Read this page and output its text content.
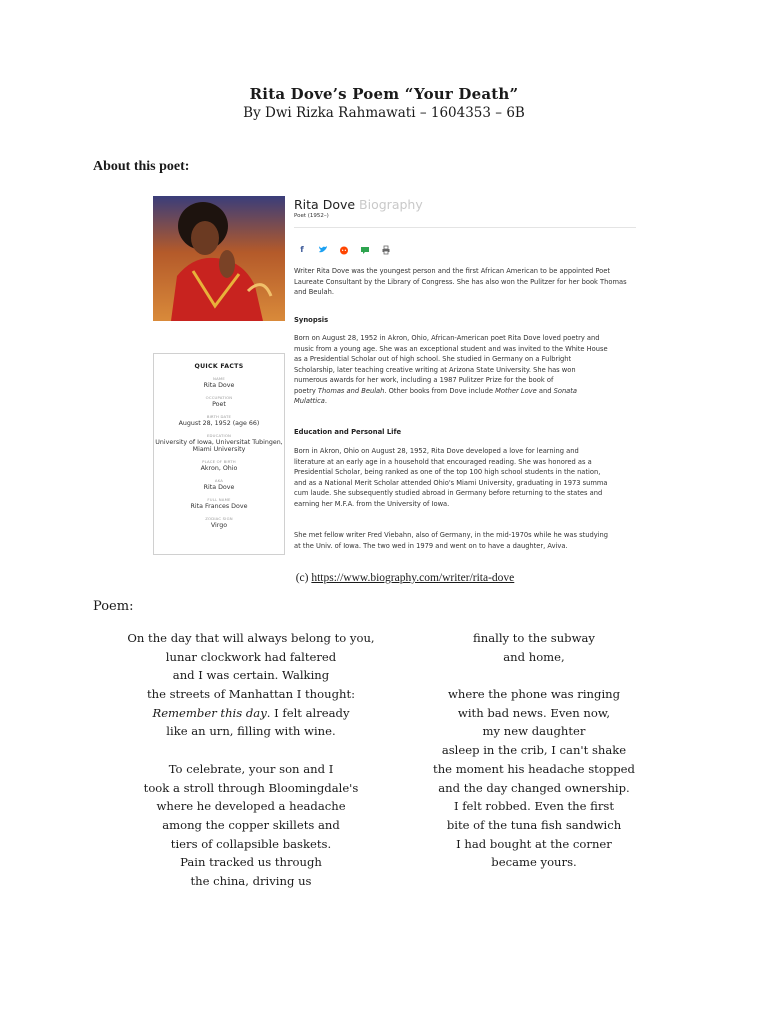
Rita Dove’s Poem “Your Death”
By Dwi Rizka Rahmawati – 1604353 – 6B
About this poet:
QUICK FACTS
NAME
Rita Dove
OCCUPATION
Poet
BIRTH DATE
August 28, 1952 (age 66)
EDUCATION
University of Iowa, Universitat Tubingen, Miami University
PLACE OF BIRTH
Akron, Ohio
AKA
Rita Dove
FULL NAME
Rita Frances Dove
ZODIAC SIGN
Virgo
Rita Dove Biography
Poet (1952–)
f
Writer Rita Dove was the youngest person and the first African American to be appointed Poet Laureate Consultant by the Library of Congress. She has also won the Pulitzer for her book Thomas and Beulah.
Synopsis
Born on August 28, 1952 in Akron, Ohio, African-American poet Rita Dove loved poetry and
music from a young age. She was an exceptional student and was invited to the White House
as a Presidential Scholar out of high school. She studied in Germany on a Fulbright
Scholarship, later teaching creative writing at Arizona State University. She has won
numerous awards for her work, including a 1987 Pulitzer Prize for the book of
poetry Thomas and Beulah. Other books from Dove include Mother Love and Sonata
Mulattica.
Education and Personal Life
Born in Akron, Ohio on August 28, 1952, Rita Dove developed a love for learning and
literature at an early age in a household that encouraged reading. She was honored as a
Presidential Scholar, being ranked as one of the top 100 high school students in the nation,
and as a National Merit Scholar attended Ohio's Miami University, graduating in 1973 summa
cum laude. She subsequently studied abroad in Germany before returning to the states and
earning her M.F.A. from the University of Iowa.
She met fellow writer Fred Viebahn, also of Germany, in the mid-1970s while he was studying
at the Univ. of Iowa. The two wed in 1979 and went on to have a daughter, Aviva.
(c) https://www.biography.com/writer/rita-dove
Poem:
On the day that will always belong to you,
lunar clockwork had faltered
and I was certain. Walking
the streets of Manhattan I thought:
Remember this day. I felt already
like an urn, filling with wine.
To celebrate, your son and I
took a stroll through Bloomingdale's
where he developed a headache
among the copper skillets and
tiers of collapsible baskets.
Pain tracked us through
the china, driving us
finally to the subway
and home,
where the phone was ringing
with bad news. Even now,
my new daughter
asleep in the crib, I can't shake
the moment his headache stopped
and the day changed ownership.
I felt robbed. Even the first
bite of the tuna fish sandwich
I had bought at the corner
became yours.
